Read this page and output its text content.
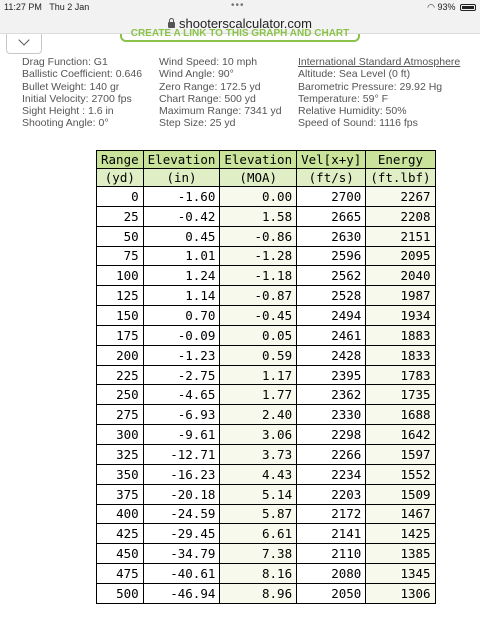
11:27 PM Thu 2 Jan	•••	◠ 93%
shooterscalculator.com
CREATE A LINK TO THIS GRAPH AND CHART
Drag Function: G1
Ballistic Coefficient: 0.646
Bullet Weight: 140 gr
Initial Velocity: 2700 fps
Sight Height : 1.6 in
Shooting Angle: 0°
Wind Speed: 10 mph
Wind Angle: 90°
Zero Range: 172.5 yd
Chart Range: 500 yd
Maximum Range: 7341 yd
Step Size: 25 yd
International Standard Atmosphere
Altitude: Sea Level (0 ft)
Barometric Pressure: 29.92 Hg
Temperature: 59° F
Relative Humidity: 50%
Speed of Sound: 1116 fps
Range	Elevation	Elevation	Vel[x+y]	Energy
(yd)	(in)	(MOA)	(ft/s)	(ft.lbf)
0	-1.60	0.00	2700	2267
25	-0.42	1.58	2665	2208
50	0.45	-0.86	2630	2151
75	1.01	-1.28	2596	2095
100	1.24	-1.18	2562	2040
125	1.14	-0.87	2528	1987
150	0.70	-0.45	2494	1934
175	-0.09	0.05	2461	1883
200	-1.23	0.59	2428	1833
225	-2.75	1.17	2395	1783
250	-4.65	1.77	2362	1735
275	-6.93	2.40	2330	1688
300	-9.61	3.06	2298	1642
325	-12.71	3.73	2266	1597
350	-16.23	4.43	2234	1552
375	-20.18	5.14	2203	1509
400	-24.59	5.87	2172	1467
425	-29.45	6.61	2141	1425
450	-34.79	7.38	2110	1385
475	-40.61	8.16	2080	1345
500	-46.94	8.96	2050	1306
